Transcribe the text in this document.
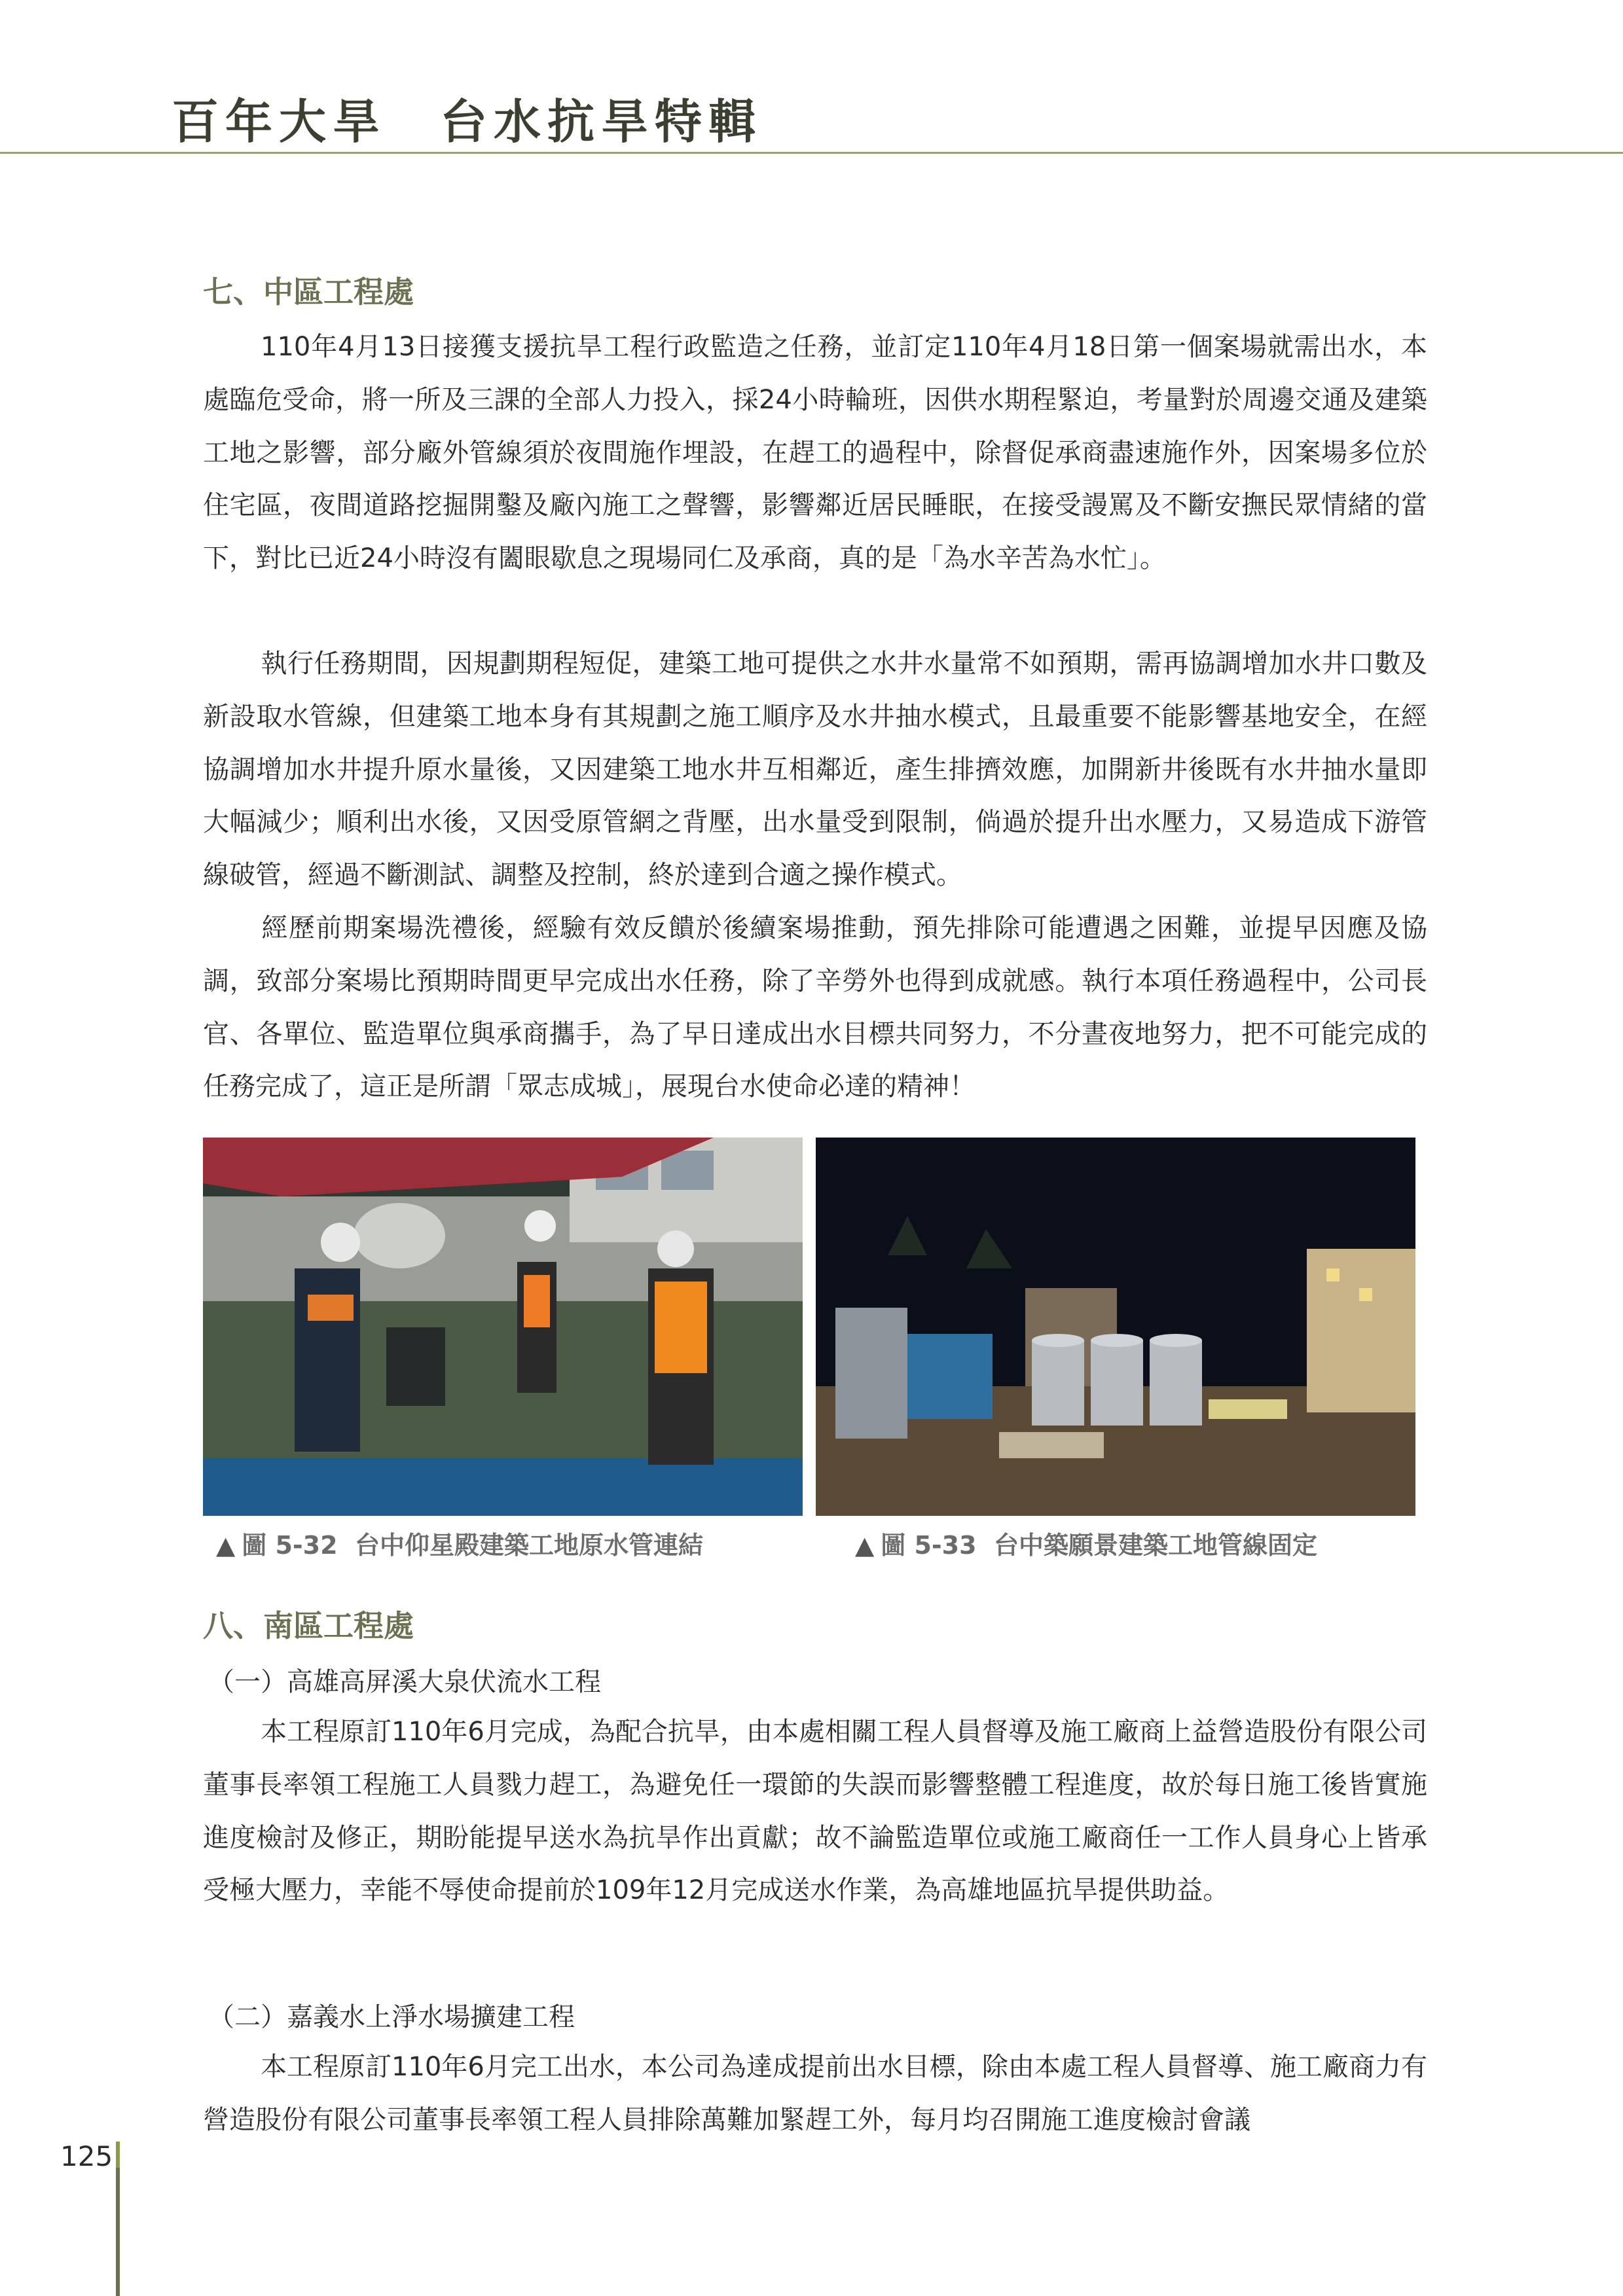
百年大旱　台水抗旱特輯
七、中區工程處

110年4月13日接獲支援抗旱工程行政監造之任務，並訂定110年4月18日第一個案場就需出水，本處臨危受命，將一所及三課的全部人力投入，採24小時輪班，因供水期程緊迫，考量對於周邊交通及建築工地之影響，部分廠外管線須於夜間施作埋設，在趕工的過程中，除督促承商盡速施作外，因案場多位於住宅區，夜間道路挖掘開鑿及廠內施工之聲響，影響鄰近居民睡眠，在接受謾罵及不斷安撫民眾情緒的當下，對比已近24小時沒有闔眼歇息之現場同仁及承商，真的是「為水辛苦為水忙」。

執行任務期間，因規劃期程短促，建築工地可提供之水井水量常不如預期，需再協調增加水井口數及新設取水管線，但建築工地本身有其規劃之施工順序及水井抽水模式，且最重要不能影響基地安全，在經協調增加水井提升原水量後，又因建築工地水井互相鄰近，產生排擠效應，加開新井後既有水井抽水量即大幅減少；順利出水後，又因受原管網之背壓，出水量受到限制，倘過於提升出水壓力，又易造成下游管線破管，經過不斷測試、調整及控制，終於達到合適之操作模式。

經歷前期案場洗禮後，經驗有效反饋於後續案場推動，預先排除可能遭遇之困難，並提早因應及協調，致部分案場比預期時間更早完成出水任務，除了辛勞外也得到成就感。執行本項任務過程中，公司長官、各單位、監造單位與承商攜手，為了早日達成出水目標共同努力，不分晝夜地努力，把不可能完成的任務完成了，這正是所謂「眾志成城」，展現台水使命必達的精神！

▲ 圖 5-32 台中仰星殿建築工地原水管連結	▲ 圖 5-33 台中築願景建築工地管線固定
八、南區工程處
（一）高雄高屏溪大泉伏流水工程

本工程原訂110年6月完成，為配合抗旱，由本處相關工程人員督導及施工廠商上益營造股份有限公司董事長率領工程施工人員戮力趕工，為避免任一環節的失誤而影響整體工程進度，故於每日施工後皆實施進度檢討及修正，期盼能提早送水為抗旱作出貢獻；故不論監造單位或施工廠商任一工作人員身心上皆承受極大壓力，幸能不辱使命提前於109年12月完成送水作業，為高雄地區抗旱提供助益。

（二）嘉義水上淨水場擴建工程

本工程原訂110年6月完工出水，本公司為達成提前出水目標，除由本處工程人員督導、施工廠商力有營造股份有限公司董事長率領工程人員排除萬難加緊趕工外，每月均召開施工進度檢討會議

125
